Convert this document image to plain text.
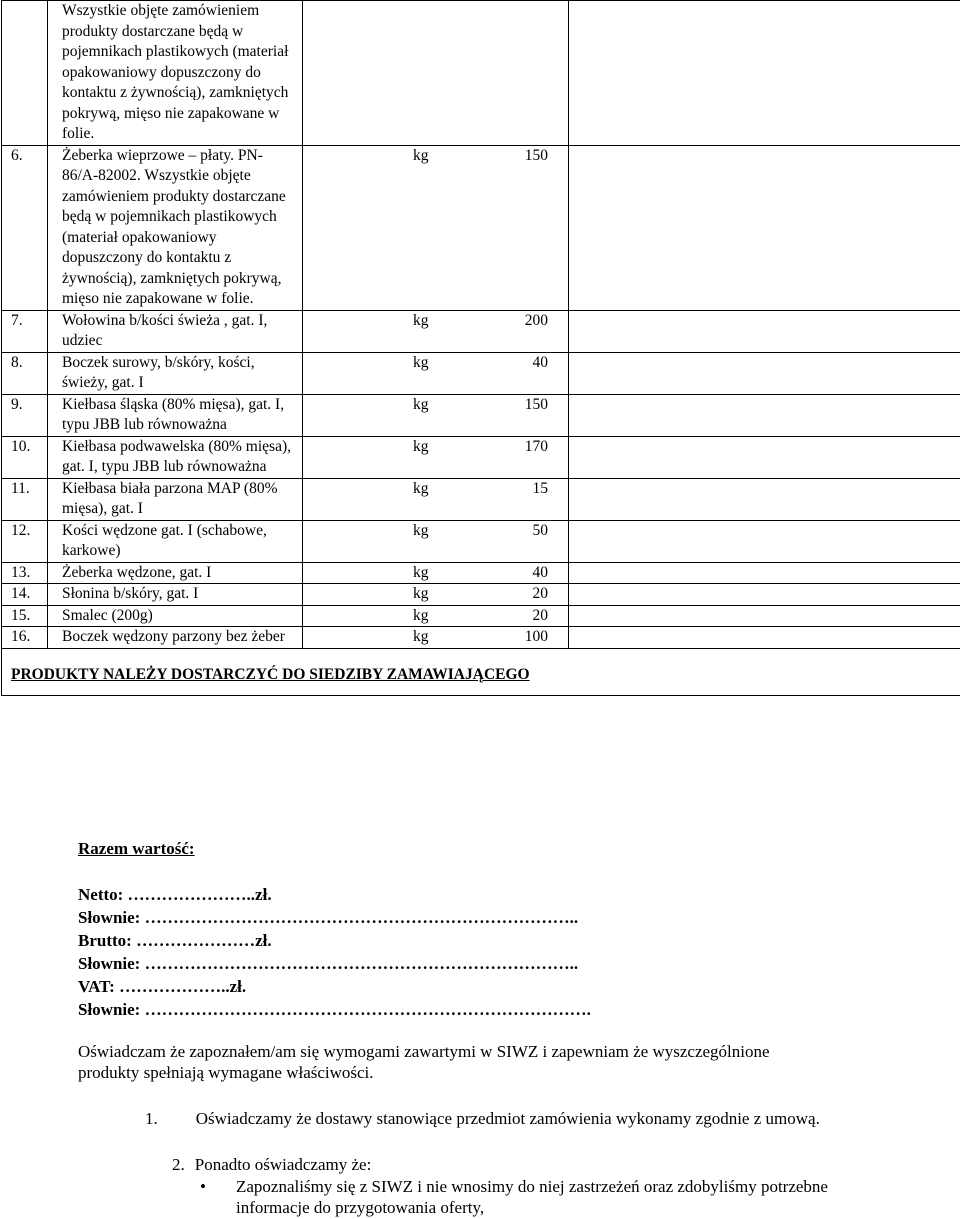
	Wszystkie objęte zamówieniem produkty dostarczane będą w pojemnikach plastikowych (materiał opakowaniowy dopuszczony do kontaktu z żywnością), zamkniętych pokrywą, mięso nie zapakowane w folie.	

6.	Żeberka wieprzowe – płaty. PN-86/A-82002. Wszystkie objęte zamówieniem produkty dostarczane będą w pojemnikach plastikowych (materiał opakowaniowy dopuszczony do kontaktu z żywnością), zamkniętych pokrywą, mięso nie zapakowane w folie.	kg 150	

7.	Wołowina b/kości świeża , gat. I, udziec	kg 200	

8.	Boczek surowy, b/skóry, kości, świeży, gat. I	kg 40	

9.	Kiełbasa śląska (80% mięsa), gat. I, typu JBB lub równoważna	kg 150	

10.	Kiełbasa podwawelska (80% mięsa), gat. I, typu JBB lub równoważna	kg 170	

11.	Kiełbasa biała parzona MAP (80% mięsa), gat. I	kg 15	

12.	Kości wędzone gat. I (schabowe, karkowe)	kg 50	

13.	Żeberka wędzone, gat. I	kg 40	

14.	Słonina b/skóry, gat. I	kg 20	

15.	Smalec (200g)	kg 20	

16.	Boczek wędzony parzony bez żeber	kg 100	

PRODUKTY NALEŻY DOSTARCZYĆ DO SIEDZIBY ZAMAWIAJĄCEGO			
Razem wartość:
Netto: …………………..zł.
Słownie: …………………………………………………………………..
Brutto: …………………zł.
Słownie: …………………………………………………………………..
VAT: ………………..zł.
Słownie: …………………………………………………………………….
Oświadczam że zapoznałem/am się wymogami zawartymi w SIWZ i zapewniam że wyszczególnione produkty spełniają wymagane właściwości.
1. Oświadczamy że dostawy stanowiące przedmiot zamówienia wykonamy zgodnie z umową.
2. Ponadto oświadczamy że:
• Zapoznaliśmy się z SIWZ i nie wnosimy do niej zastrzeżeń oraz zdobyliśmy potrzebne informacje do przygotowania oferty,
